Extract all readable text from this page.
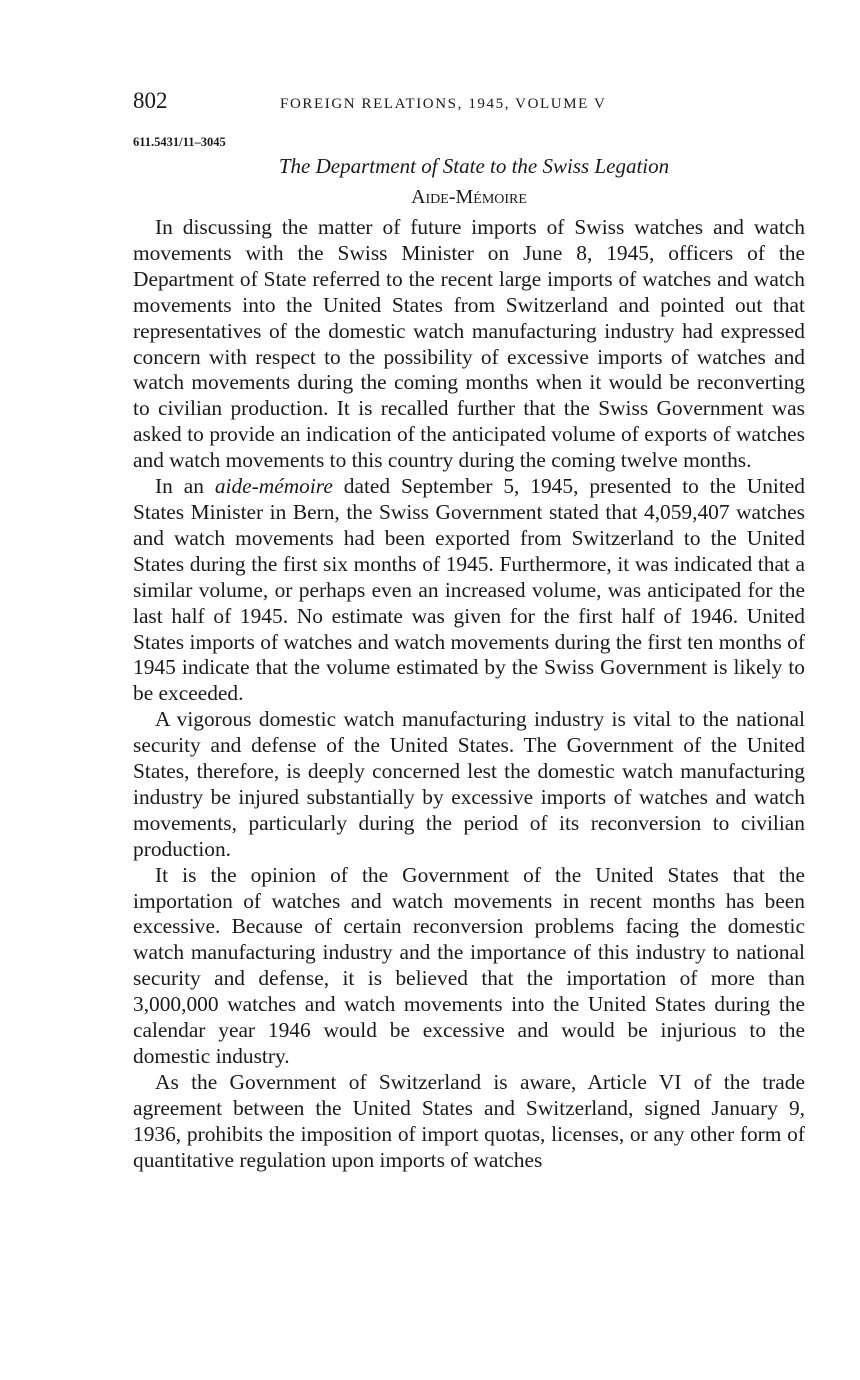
802	FOREIGN RELATIONS, 1945, VOLUME V
611.5431/11–3045
The Department of State to the Swiss Legation
Aide-Mémoire

In discussing the matter of future imports of Swiss watches and watch movements with the Swiss Minister on June 8, 1945, officers of the Department of State referred to the recent large imports of watches and watch movements into the United States from Switzerland and pointed out that representatives of the domestic watch manufacturing industry had expressed concern with respect to the possibility of excessive imports of watches and watch movements during the coming months when it would be reconverting to civilian production. It is recalled further that the Swiss Government was asked to provide an indication of the anticipated volume of exports of watches and watch movements to this country during the coming twelve months.

In an aide-mémoire dated September 5, 1945, presented to the United States Minister in Bern, the Swiss Government stated that 4,059,407 watches and watch movements had been exported from Switzerland to the United States during the first six months of 1945. Furthermore, it was indicated that a similar volume, or perhaps even an increased volume, was anticipated for the last half of 1945. No estimate was given for the first half of 1946. United States imports of watches and watch movements during the first ten months of 1945 indicate that the volume estimated by the Swiss Government is likely to be exceeded.

A vigorous domestic watch manufacturing industry is vital to the national security and defense of the United States. The Government of the United States, therefore, is deeply concerned lest the domestic watch manufacturing industry be injured substantially by excessive imports of watches and watch movements, particularly during the period of its reconversion to civilian production.

It is the opinion of the Government of the United States that the importation of watches and watch movements in recent months has been excessive. Because of certain reconversion problems facing the domestic watch manufacturing industry and the importance of this industry to national security and defense, it is believed that the importation of more than 3,000,000 watches and watch movements into the United States during the calendar year 1946 would be excessive and would be injurious to the domestic industry.

As the Government of Switzerland is aware, Article VI of the trade agreement between the United States and Switzerland, signed January 9, 1936, prohibits the imposition of import quotas, licenses, or any other form of quantitative regulation upon imports of watches
